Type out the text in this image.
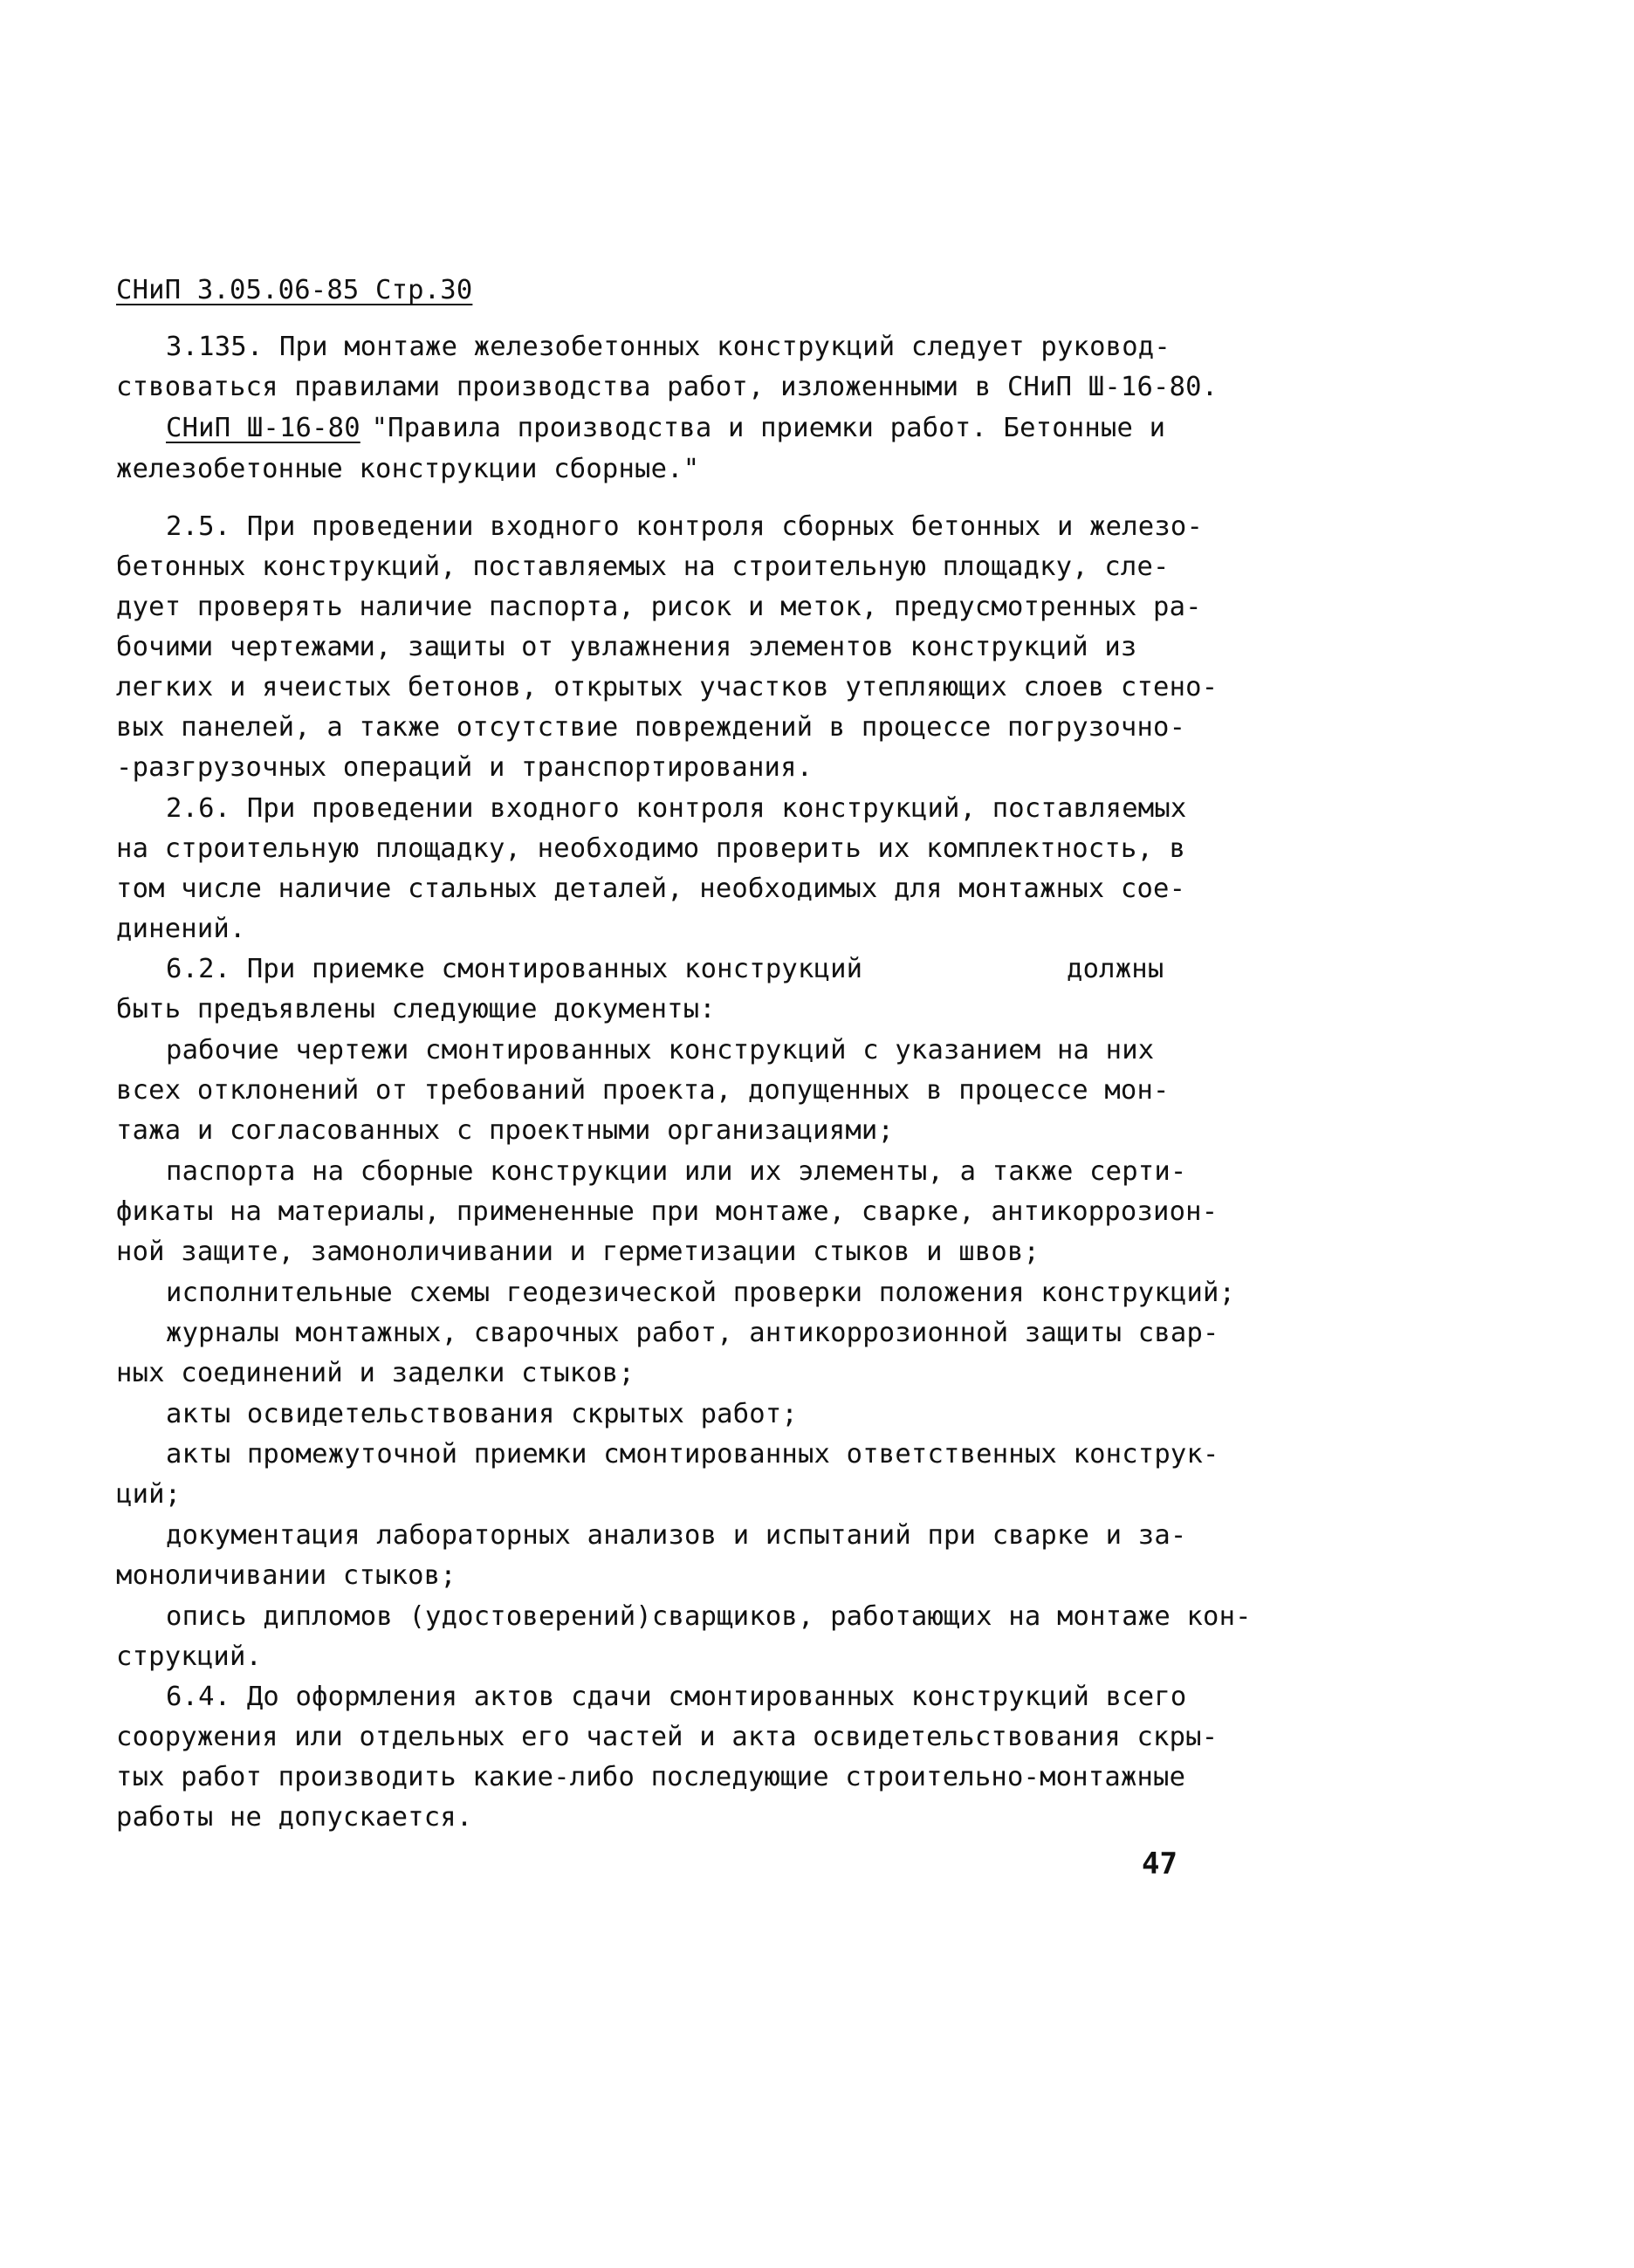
СНиП 3.05.06-85 Стр.30
3.135. При монтаже железобетонных конструкций следует руковод-
ствоваться правилами производства работ, изложенными в СНиП Ш-16-80.
СНиП Ш-16-80
"Правила производства и приемки работ. Бетонные и
железобетонные конструкции сборные."
2.5. При проведении входного контроля сборных бетонных и железо-
бетонных конструкций, поставляемых на строительную площадку, сле-
дует проверять наличие паспорта, рисок и меток, предусмотренных ра-
бочими чертежами, защиты от увлажнения элементов конструкций из
легких и ячеистых бетонов, открытых участков утепляющих слоев стено-
вых панелей, а также отсутствие повреждений в процессе погрузочно-
-разгрузочных операций и транспортирования.
2.6. При проведении входного контроля конструкций, поставляемых
на строительную площадку, необходимо проверить их комплектность, в
том числе наличие стальных деталей, необходимых для монтажных сое-
динений.
6.2. При приемке смонтированных конструкций	должны
быть предъявлены следующие документы:
рабочие чертежи смонтированных конструкций с указанием на них
всех отклонений от требований проекта, допущенных в процессе мон-
тажа и согласованных с проектными организациями;
паспорта на сборные конструкции или их элементы, а также серти-
фикаты на материалы, примененные при монтаже, сварке, антикоррозион-
ной защите, замоноличивании и герметизации стыков и швов;
исполнительные схемы геодезической проверки положения конструкций;
журналы монтажных, сварочных работ, антикоррозионной защиты свар-
ных соединений и заделки стыков;
акты освидетельствования скрытых работ;
акты промежуточной приемки смонтированных ответственных конструк-
ций;
документация лабораторных анализов и испытаний при сварке и за-
моноличивании стыков;
опись дипломов (удостоверений)сварщиков, работающих на монтаже кон-
струкций.
6.4. До оформления актов сдачи смонтированных конструкций всего
сооружения или отдельных его частей и акта освидетельствования скры-
тых работ производить какие-либо последующие строительно-монтажные
работы не допускается.
47
